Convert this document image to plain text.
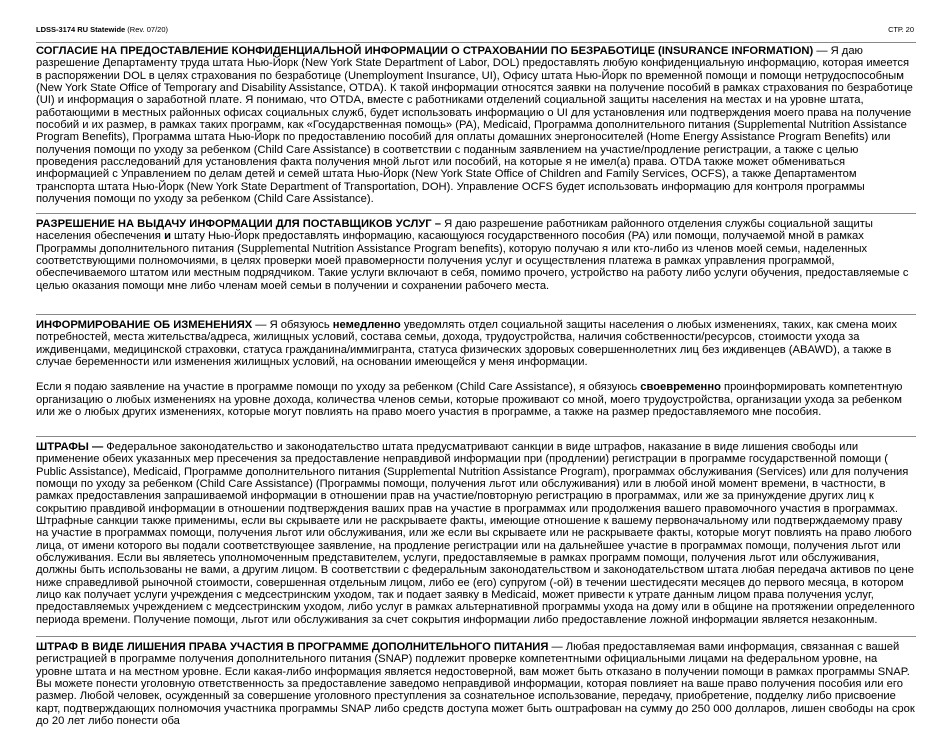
LDSS-3174 RU Statewide (Rev. 07/20)	СТР. 20

СОГЛАСИЕ НА ПРЕДОСТАВЛЕНИЕ КОНФИДЕНЦИАЛЬНОЙ ИНФОРМАЦИИ О СТРАХОВАНИИ ПО БЕЗРАБОТИЦЕ (INSURANCE INFORMATION) — Я даю разрешение Департаменту труда штата Нью-Йорк (New York State Department of Labor, DOL) предоставлять любую конфиденциальную информацию, которая имеется в распоряжении DOL в целях страхования по безработице (Unemployment Insurance, UI), Офису штата Нью-Йорк по временной помощи и помощи нетрудоспособным (New York State Office of Temporary and Disability Assistance, OTDA). К такой информации относятся заявки на получение пособий в рамках страхования по безработице (UI) и информация о заработной плате. Я понимаю, что OTDA, вместе с работниками отделений социальной защиты населения на местах и на уровне штата, работающими в местных районных офисах социальных служб, будет использовать информацию о UI для установления или подтверждения моего права на получение пособий и их размер, в рамках таких программ, как «Государственная помощь» (PA), Medicaid, Программа дополнительного питания (Supplemental Nutrition Assistance Program Benefits), Программа штата Нью-Йорк по предоставлению пособий для оплаты домашних энергоносителей (Home Energy Assistance Program Benefits) или получения помощи по уходу за ребенком (Child Care Assistance) в соответствии с поданным заявлением на участие/продление регистрации, а также с целью проведения расследований для установления факта получения мной льгот или пособий, на которые я не имел(а) права. OTDA также может обмениваться информацией с Управлением по делам детей и семей штата Нью-Йорк (New York State Office of Children and Family Services, OCFS), а также Департаментом транспорта штата Нью-Йорк (New York State Department of Transportation, DOH). Управление OCFS будет использовать информацию для контроля программы получения помощи по уходу за ребенком (Child Care Assistance).

РАЗРЕШЕНИЕ НА ВЫДАЧУ ИНФОРМАЦИИ ДЛЯ ПОСТАВЩИКОВ УСЛУГ – Я даю разрешение работникам районного отделения службы социальной защиты населения обеспечения и штату Нью-Йорк предоставлять информацию, касающуюся государственного пособия (PA) или помощи, получаемой мной в рамках Программы дополнительного питания (Supplemental Nutrition Assistance Program benefits), которую получаю я или кто-либо из членов моей семьи, наделенных соответствующими полномочиями, в целях проверки моей правомерности получения услуг и осуществления платежа в рамках управления программой, обеспечиваемого штатом или местным подрядчиком. Такие услуги включают в себя, помимо прочего, устройство на работу либо услуги обучения, предоставляемые с целью оказания помощи мне либо членам моей семьи в получении и сохранении рабочего места.

ИНФОРМИРОВАНИЕ ОБ ИЗМЕНЕНИЯХ — Я обязуюсь немедленно уведомлять отдел социальной защиты населения о любых изменениях, таких, как смена моих потребностей, места жительства/адреса, жилищных условий, состава семьи, дохода, трудоустройства, наличия собственности/ресурсов, стоимости ухода за иждивенцами, медицинской страховки, статуса гражданина/иммигранта, статуса физических здоровых совершеннолетних лиц без иждивенцев (ABAWD), а также в случае беременности или изменения жилищных условий, на основании имеющейся у меня информации.

Если я подаю заявление на участие в программе помощи по уходу за ребенком (Child Care Assistance), я обязуюсь своевременно проинформировать компетентную организацию о любых изменениях на уровне дохода, количества членов семьи, которые проживают со мной, моего трудоустройства, организации ухода за ребенком или же о любых других изменениях, которые могут повлиять на право моего участия в программе, а также на размер предоставляемого мне пособия.

ШТРАФЫ — Федеральное законодательство и законодательство штата предусматривают санкции в виде штрафов, наказание в виде лишения свободы или применение обеих указанных мер пресечения за предоставление неправдивой информации при (продлении) регистрации в программе государственной помощи ( Public Assistance), Medicaid, Программе дополнительного питания (Supplemental Nutrition Assistance Program), программах обслуживания (Services) или для получения помощи по уходу за ребенком (Child Care Assistance) (Программы помощи, получения льгот или обслуживания) или в любой иной момент времени, в частности, в рамках предоставления запрашиваемой информации в отношении прав на участие/повторную регистрацию в программах, или же за принуждение других лиц к сокрытию правдивой информации в отношении подтверждения ваших прав на участие в программах или продолжения вашего правомочного участия в программах. Штрафные санкции также применимы, если вы скрываете или не раскрываете факты, имеющие отношение к вашему первоначальному или подтверждаемому праву на участие в программах помощи, получения льгот или обслуживания, или же если вы скрываете или не раскрываете факты, которые могут повлиять на право любого лица, от имени которого вы подали соответствующее заявление, на продление регистрации или на дальнейшее участие в программах помощи, получения льгот или обслуживания. Если вы являетесь уполномоченным представителем, услуги, предоставляемые в рамках программ помощи, получения льгот или обслуживания, должны быть использованы не вами, а другим лицом. В соответствии с федеральным законодательством и законодательством штата любая передача активов по цене ниже справедливой рыночной стоимости, совершенная отдельным лицом, либо ее (его) супругом (-ой) в течении шестидесяти месяцев до первого месяца, в котором лицо как получает услуги учреждения с медсестринским уходом, так и подает заявку в Medicaid, может привести к утрате данным лицом права получения услуг, предоставляемых учреждением с медсестринским уходом, либо услуг в рамках альтернативной программы ухода на дому или в общине на протяжении определенного периода времени. Получение помощи, льгот или обслуживания за счет сокрытия информации либо предоставление ложной информации является незаконным.

ШТРАФ В ВИДЕ ЛИШЕНИЯ ПРАВА УЧАСТИЯ В ПРОГРАММЕ ДОПОЛНИТЕЛЬНОГО ПИТАНИЯ — Любая предоставляемая вами информация, связанная с вашей регистрацией в программе получения дополнительного питания (SNAP) подлежит проверке компетентными официальными лицами на федеральном уровне, на уровне штата и на местном уровне. Если какая-либо информация является недостоверной, вам может быть отказано в получении помощи в рамках программы SNAP. Вы можете понести уголовную ответственность за предоставление заведомо неправдивой информации, которая повлияет на ваше право получения пособия или его размер. Любой человек, осужденный за совершение уголовного преступления за сознательное использование, передачу, приобретение, подделку либо присвоение карт, подтверждающих полномочия участника программы SNAP либо средств доступа может быть оштрафован на сумму до 250 000 долларов, лишен свободы на срок до 20 лет либо понести оба
